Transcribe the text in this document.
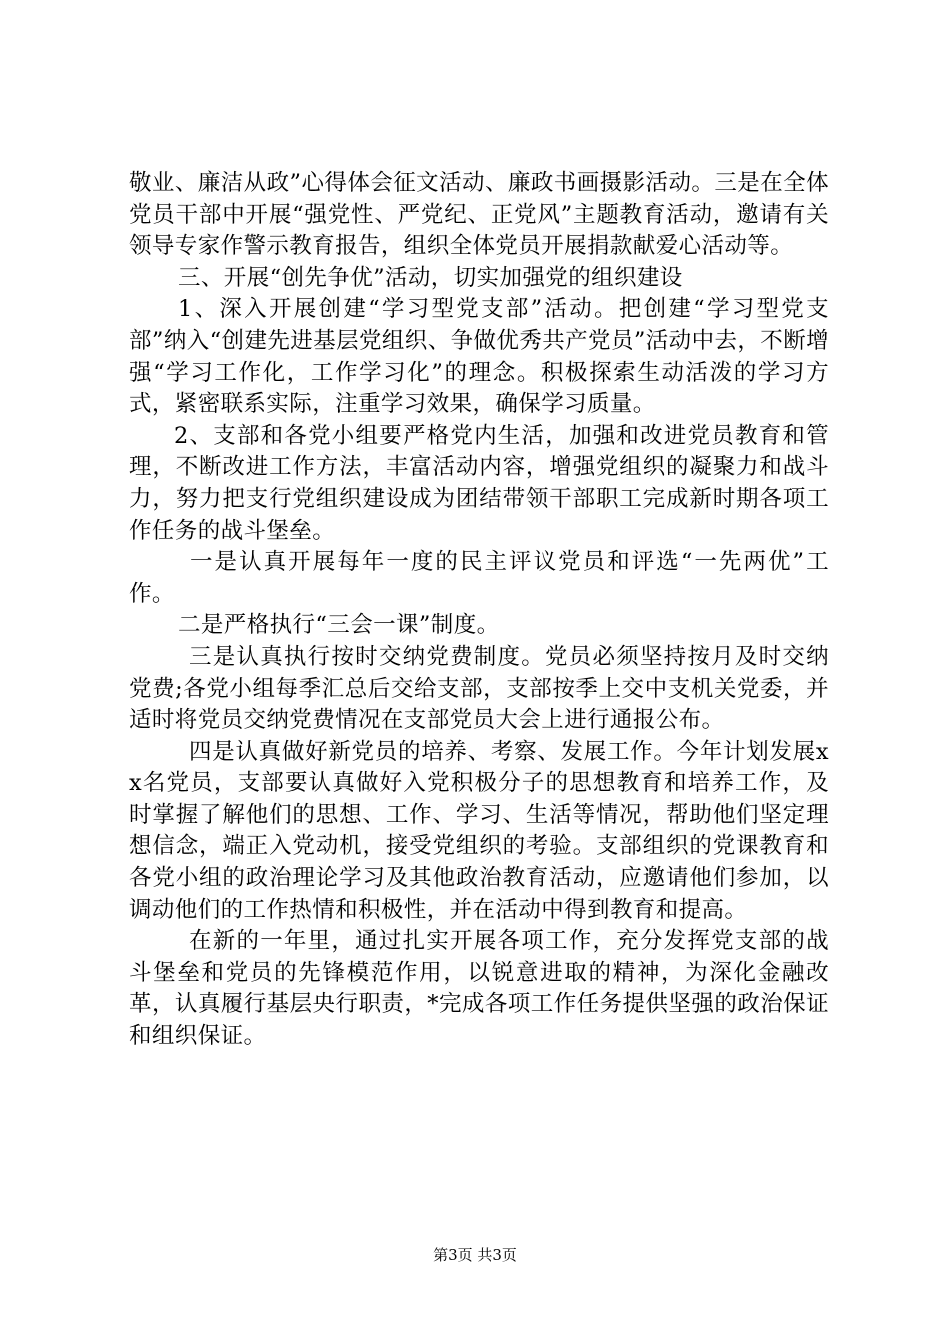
敬业、廉洁从政”心得体会征文活动、廉政书画摄影活动。三是在全体党员干部中开展“强党性、严党纪、正党风”主题教育活动，邀请有关领导专家作警示教育报告，组织全体党员开展捐款献爱心活动等。

三、开展“创先争优”活动，切实加强党的组织建设

1、深入开展创建“学习型党支部”活动。把创建“学习型党支部”纳入“创建先进基层党组织、争做优秀共产党员”活动中去，不断增强“学习工作化，工作学习化”的理念。积极探索生动活泼的学习方式，紧密联系实际，注重学习效果，确保学习质量。

2、支部和各党小组要严格党内生活，加强和改进党员教育和管理，不断改进工作方法，丰富活动内容，增强党组织的凝聚力和战斗力，努力把支行党组织建设成为团结带领干部职工完成新时期各项工作任务的战斗堡垒。

一是认真开展每年一度的民主评议党员和评选“一先两优”工作。

二是严格执行“三会一课”制度。

三是认真执行按时交纳党费制度。党员必须坚持按月及时交纳党费;各党小组每季汇总后交给支部，支部按季上交中支机关党委，并适时将党员交纳党费情况在支部党员大会上进行通报公布。

四是认真做好新党员的培养、考察、发展工作。今年计划发展xx名党员，支部要认真做好入党积极分子的思想教育和培养工作，及时掌握了解他们的思想、工作、学习、生活等情况，帮助他们坚定理想信念，端正入党动机，接受党组织的考验。支部组织的党课教育和各党小组的政治理论学习及其他政治教育活动，应邀请他们参加，以调动他们的工作热情和积极性，并在活动中得到教育和提高。

在新的一年里，通过扎实开展各项工作，充分发挥党支部的战斗堡垒和党员的先锋模范作用，以锐意进取的精神，为深化金融改革，认真履行基层央行职责，*完成各项工作任务提供坚强的政治保证和组织保证。

第3页 共3页
